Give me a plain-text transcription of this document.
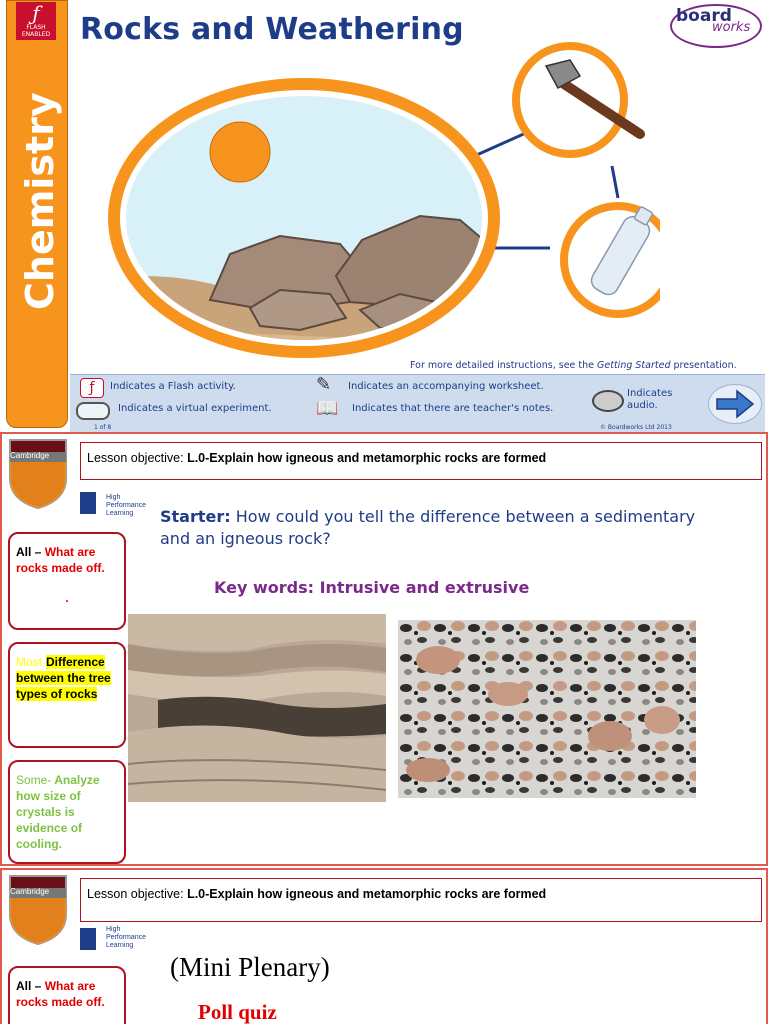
ƒ
FLASH
ENABLED
Chemistry
Rocks and Weathering	board
works
For more detailed instructions, see the Getting Started presentation.
ƒ	Indicates a Flash activity.
Indicates a virtual experiment.
✎	Indicates an accompanying worksheet.
📖	Indicates that there are teacher's notes.
Indicates
audio.
1 of 8	© Boardworks Ltd 2013
Cambridge	Lesson objective: L.0-Explain how igneous and metamorphic rocks are formed
High
Performance
Learning	Starter: How could you tell the difference between a sedimentary and an igneous rock?
Key words: Intrusive and extrusive
All – What are rocks made off.
.
Most-Difference between the tree types of rocks
Some- Analyze how size of crystals is evidence of cooling.
Cambridge	Lesson objective: L.0-Explain how igneous and metamorphic rocks are formed
High
Performance
Learning
(Mini Plenary)
Poll quiz
All – What are rocks made off.
